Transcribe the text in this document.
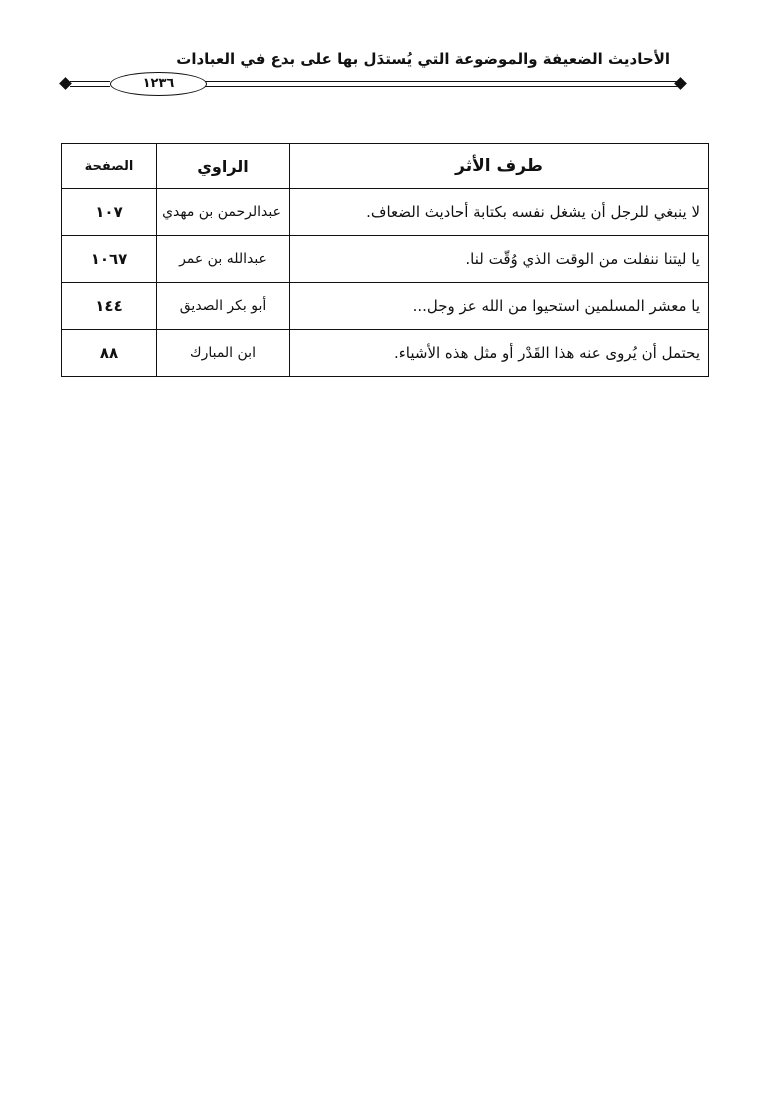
الأحاديث الضعيفة والموضوعة التي يُستدَل بها على بدع في العبادات
١٢٣٦
طرف الأثر	الراوي	الصفحة
لا ينبغي للرجل أن يشغل نفسه بكتابة أحاديث الضعاف.	عبدالرحمن بن مهدي	١٠٧
يا ليتنا ننفلت من الوقت الذي وُقّت لنا.	عبدالله بن عمر	١٠٦٧
يا معشر المسلمين استحيوا من الله عز وجل...	أبو بكر الصديق	١٤٤
يحتمل أن يُروى عنه هذا القَدْر أو مثل هذه الأشياء.	ابن المبارك	٨٨
